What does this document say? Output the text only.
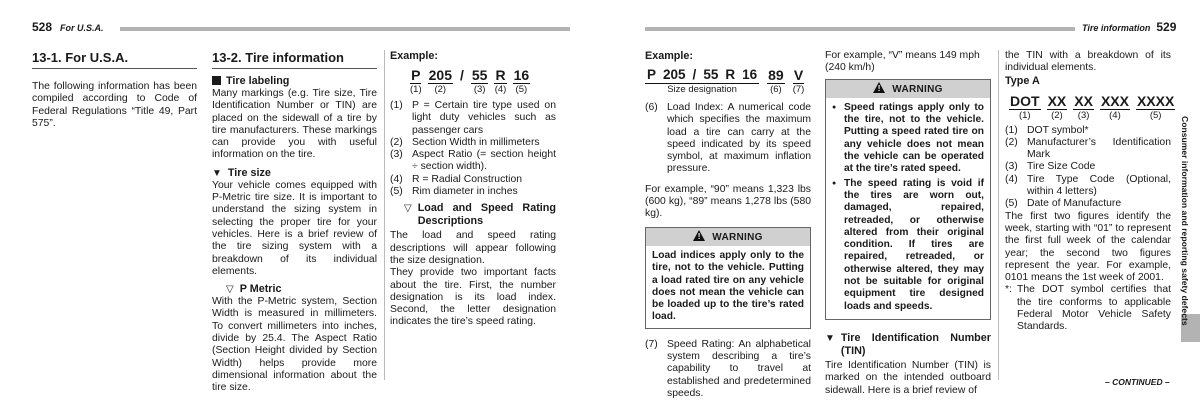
528 For U.S.A.	Tire information 529
13-1. For U.S.A.

The following information has been compiled according to Code of Federal Regulations “Title 49, Part 575”.

13-2. Tire information
Tire labeling

Many markings (e.g. Tire size, Tire Identification Number or TIN) are placed on the sidewall of a tire by tire manufacturers. These markings can provide you with useful information on the tire.

▼ Tire size

Your vehicle comes equipped with P-Metric tire size. It is important to understand the sizing system in selecting the proper tire for your vehicles. Here is a brief review of the tire sizing system with a breakdown of its individual elements.

▽ P Metric

With the P-Metric system, Section Width is measured in millimeters. To convert millimeters into inches, divide by 25.4. The Aspect Ratio (Section Height divided by Section Width) helps provide more dimensional information about the tire size.

Example:
P
(1)
205
(2)
/ 55
(3)
R
(4)
16
(5)
(1) P = Certain tire type used on light duty vehicles such as passenger cars
(2) Section Width in millimeters
(3) Aspect Ratio (= section height ÷ section width).
(4) R = Radial Construction
(5) Rim diameter in inches
▽ Load and Speed Rating Descriptions

The load and speed rating descriptions will appear following the size designation.

They provide two important facts about the tire. First, the number designation is its load index. Second, the letter designation indicates the tire’s speed rating.

Example:
P 205 / 55 R 16
Size designation
89
(6)
V
(7)
(6) Load Index: A numerical code which specifies the maximum load a tire can carry at the speed indicated by its speed symbol, at maximum inflation pressure.

For example, “90” means 1,323 lbs (600 kg), “89” means 1,278 lbs (580 kg).

!WARNING
Load indices apply only to the tire, not to the vehicle. Putting a load rated tire on any vehicle does not mean the vehicle can be loaded up to the tire’s rated load.
(7) Speed Rating: An alphabetical system describing a tire’s capability to travel at established and predetermined speeds.

For example, “V” means 149 mph (240 km/h)

!WARNING
● Speed ratings apply only to the tire, not to the vehicle. Putting a speed rated tire on any vehicle does not mean the vehicle can be operated at the tire’s rated speed.
● The speed rating is void if the tires are worn out, damaged, repaired, retreaded, or otherwise altered from their original condition. If tires are repaired, retreaded, or otherwise altered, they may not be suitable for original equipment tire designed loads and speeds.
▼ Tire Identification Number (TIN)

Tire Identification Number (TIN) is marked on the intended outboard sidewall. Here is a brief review of

the TIN with a breakdown of its individual elements.

Type A
DOT
(1)
XX
(2)
XX
(3)
XXX
(4)
XXXX
(5)
(1) DOT symbol*
(2) Manufacturer’s Identification Mark
(3) Tire Size Code
(4) Tire Type Code (Optional, within 4 letters)
(5) Date of Manufacture

The first two figures identify the week, starting with “01” to represent the first full week of the calendar year; the second two figures represent the year. For example, 0101 means the 1st week of 2001.

*: The DOT symbol certifies that the tire conforms to applicable Federal Motor Vehicle Safety Standards.
– CONTINUED –
Consumer information and reporting safety defects
